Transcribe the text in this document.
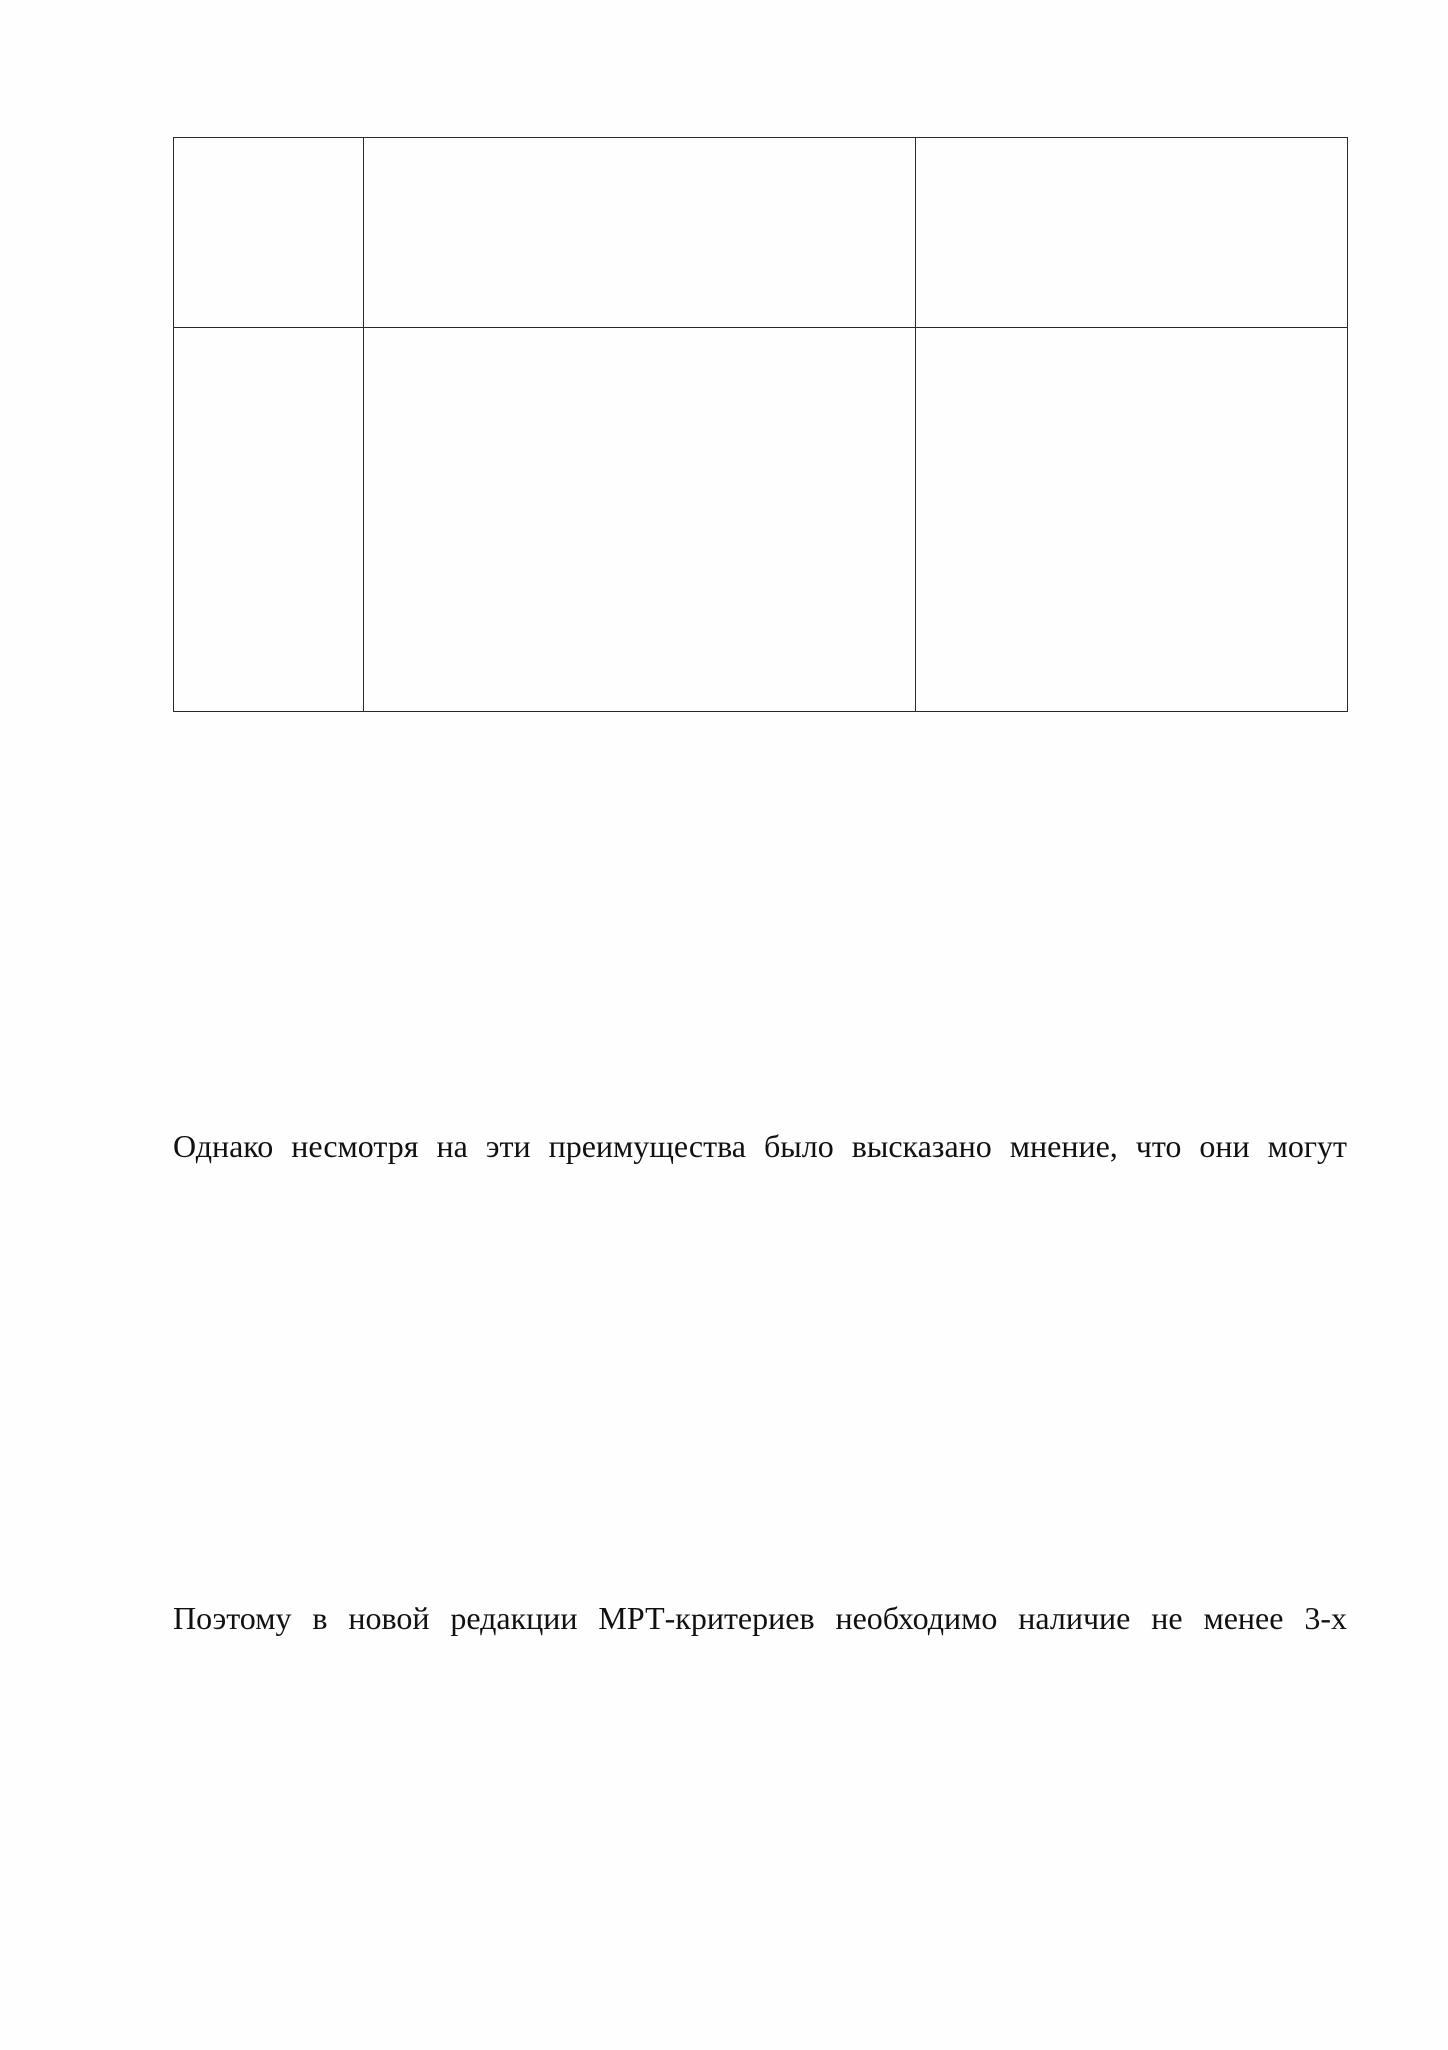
Однако несмотря на эти преимущества было высказано мнение, что они могут
Поэтому в новой редакции МРТ-критериев необходимо наличие не менее 3-х
